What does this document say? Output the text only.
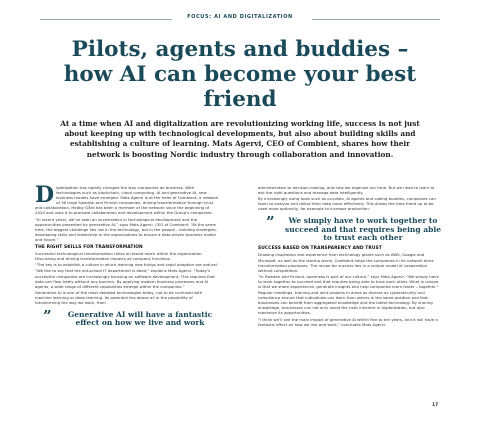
FOCUS: AI AND DIGITALIZATION
Pilots, agents and buddies – how AI can become your best friend
At a time when AI and digitalization are revolutionizing working life, success is not just about keeping up with technological developments, but also about building skills and establishing a culture of learning. Mats Agervi, CEO of Combient, shares how their network is boosting Nordic industry through collaboration and innovation.

Digitalization has rapidly changed the way companies do business. With technologies such as blockchain, cloud computing, AI and generative AI, new business models have emerged. Mats Agervi is at the helm of Combient, a network of 38 large Swedish and Finnish companies, driving transformation through trust and collaboration. Hedby Gård has been a member of the network since the beginning of 2024 and uses it to promote collaboration and development within the Group's companies.

“In recent years, we’ve seen an acceleration in technological development and the opportunities presented by generative AI,” says Mats Agervi, CEO of Combient. “At the same time, the biggest challenge lies not in the technology, but in the people – building strategies, developing skills and leadership in the organizations to ensure a data-driven business model and future.”

THE RIGHT SKILLS FOR TRANSFORMATION

Successful technological transformation relies on broad reach within the organization. Discussing and driving transformation impacts all company functions.

“The key is to establish a culture in which learning new things and rapid adoption are natural.

“We like to say that the old-school IT department is dead,” explains Mats Agervi. “Today’s successful companies are increasingly focusing on software development. This requires that data can flow freely without any barriers. By applying modern business processes and AI agents, a wide range of different capabilities emerge within the companies.”

Generative AI is one of the most debated technologies today, not to be confused with machine learning or deep learning. Its potential lies above all in the possibility of transforming the way we work, from

” Generative AI will have a fantastic effect on how we live and work

administration to decision-making, and how we organize our time. But we need to learn to ask the right questions and manage data intelligently.

By increasingly using tools such as co-pilots, AI agents and coding buddies, companies can learn to analyze and utilize their data more effectively. This allows the time freed up to be used more optimally, for example to increase production.

” We simply have to work together to succeed and that requires being able to trust each other
SUCCESS BASED ON TRANSPARENCY AND TRUST

Drawing inspiration and experience from technology giants such as AWS, Google and Microsoft, as well as the startup world, Combient helps the companies in its network drive transformation processes. The recipe for success lies in a unique model of cooperation without competition.

“In Sweden and Finland, openness is part of our culture,” says Mats Agervi. “We simply have to work together to succeed and that requires being able to trust each other. What is unique is that we share experiences, generate insights and help companies learn faster – together.”

Regular meetings, training and joint projects in areas as diverse as cybersecurity and compliance ensure that individuals can learn from others in the same position and that businesses can benefit from aggregated knowledge and the latest technology. By sharing knowledge, businesses can not only avoid the risks inherent in digitalization, but also maximize its opportunities.

“I think we’ll see the main impact of generative AI within five to ten years, and it will have a fantastic effect on how we live and work,” concludes Mats Agervi.

17
